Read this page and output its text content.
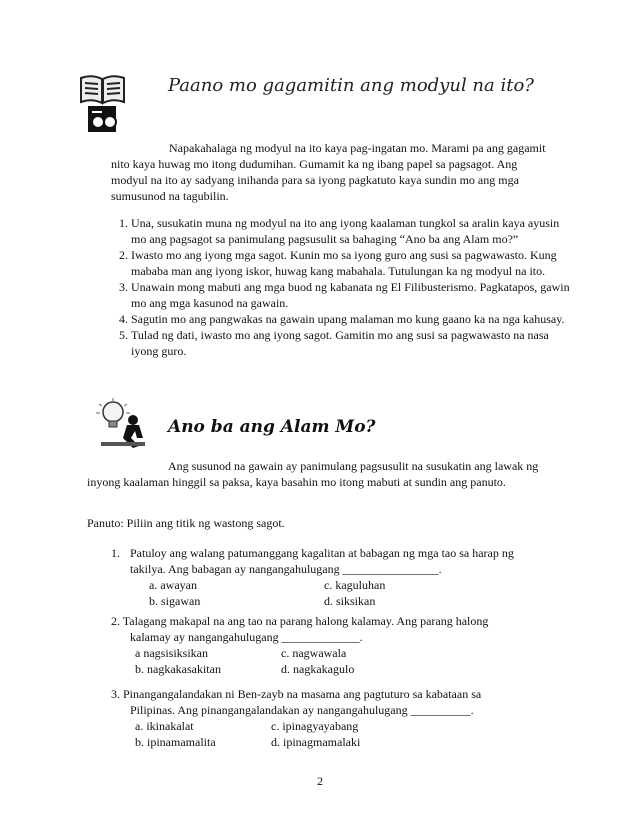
Paano mo gagamitin ang modyul na ito?
Napakahalaga ng modyul na ito kaya pag-ingatan mo. Marami pa ang gagamit nito kaya huwag mo itong dudumihan. Gumamit ka ng ibang papel sa pagsagot. Ang modyul na ito ay sadyang inihanda para sa iyong pagkatuto kaya sundin mo ang mga sumusunod na tagubilin.
1. Una, susukatin muna ng modyul na ito ang iyong kaalaman tungkol sa aralin kaya ayusin mo ang pagsagot sa panimulang pagsusulit sa bahaging “Ano ba ang Alam mo?”
2. Iwasto mo ang iyong mga sagot. Kunin mo sa iyong guro ang susi sa pagwawasto. Kung mababa man ang iyong iskor, huwag kang mabahala. Tutulungan ka ng modyul na ito.
3. Unawain mong mabuti ang mga buod ng kabanata ng El Filibusterismo. Pagkatapos, gawin mo ang mga kasunod na gawain.
4. Sagutin mo ang pangwakas na gawain upang malaman mo kung gaano ka na nga kahusay.
5. Tulad ng dati, iwasto mo ang iyong sagot. Gamitin mo ang susi sa pagwawasto na nasa iyong guro.
Ano ba ang Alam Mo?
Ang susunod na gawain ay panimulang pagsusulit na susukatin ang lawak ng inyong kaalaman hinggil sa paksa, kaya basahin mo itong mabuti at sundin ang panuto.
Panuto: Piliin ang titik ng wastong sagot.
1. Patuloy ang walang patumanggang kagalitan at babagan ng mga tao sa harap ng
takilya. Ang babagan ay nangangahulugang ________________.
a. awayan	c. kaguluhan
b. sigawan	d. siksikan
2. Talagang makapal na ang tao na parang halong kalamay. Ang parang halong
kalamay ay nangangahulugang _____________.
a nagsisiksikan	c. nagwawala
b. nagkakasakitan	d. nagkakagulo
3. Pinangangalandakan ni Ben-zayb na masama ang pagtuturo sa kabataan sa
Pilipinas. Ang pinangangalandakan ay nangangahulugang __________.
a. ikinakalat	c. ipinagyayabang
b. ipinamamalita	d. ipinagmamalaki
2
